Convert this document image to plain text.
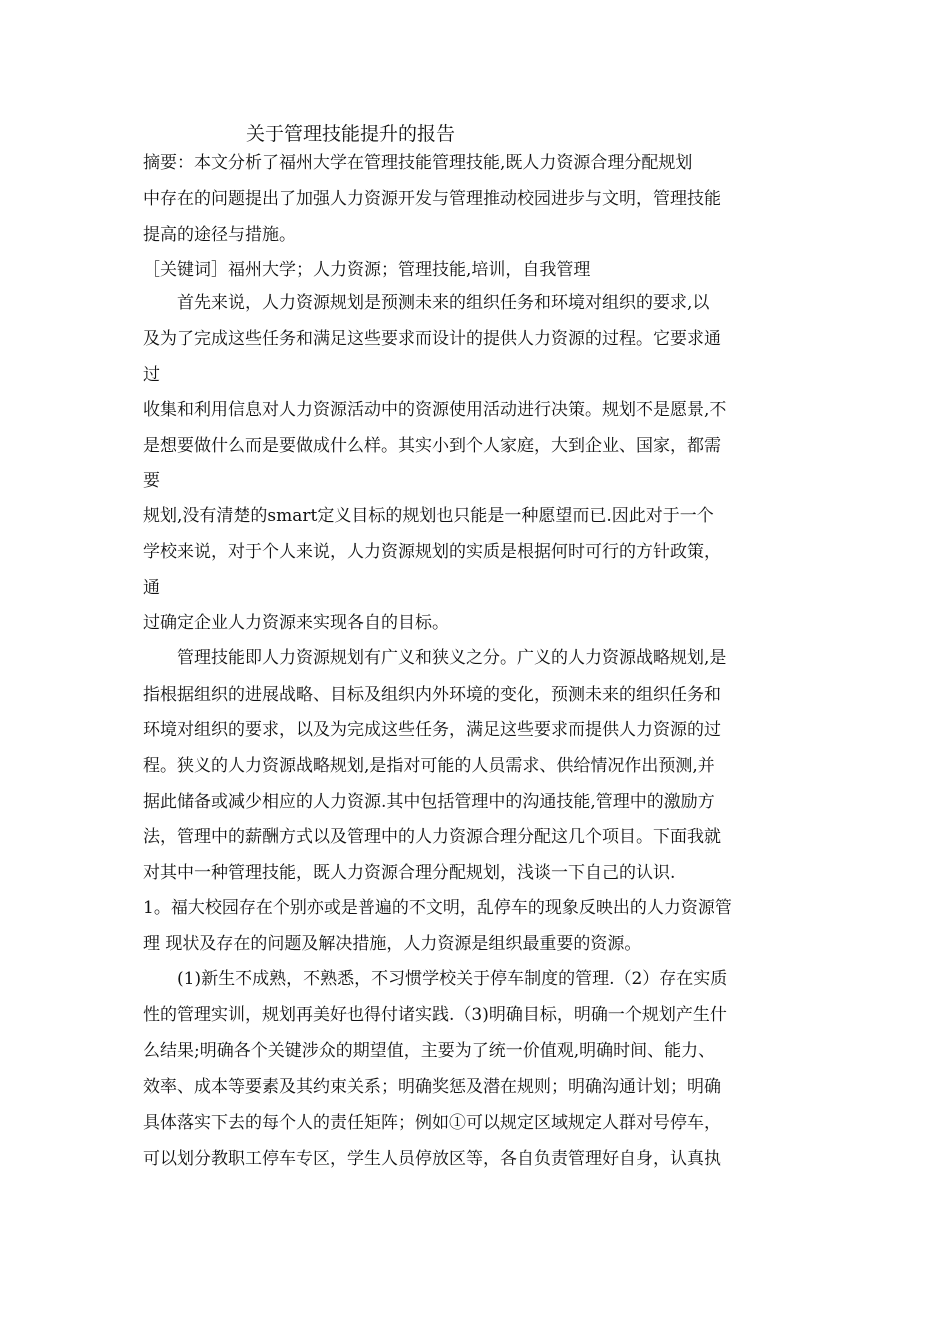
关于管理技能提升的报告
摘要：本文分析了福州大学在管理技能管理技能,既人力资源合理分配规划
中存在的问题提出了加强人力资源开发与管理推动校园进步与文明，管理技能
提高的途径与措施。
［关键词］福州大学；人力资源；管理技能,培训，自我管理
首先来说，人力资源规划是预测未来的组织任务和环境对组织的要求,以
及为了完成这些任务和满足这些要求而设计的提供人力资源的过程。它要求通
过
收集和利用信息对人力资源活动中的资源使用活动进行决策。规划不是愿景,不
是想要做什么而是要做成什么样。其实小到个人家庭，大到企业、国家，都需
要
规划,没有清楚的smart定义目标的规划也只能是一种愿望而已.因此对于一个
学校来说，对于个人来说，人力资源规划的实质是根据何时可行的方针政策，
通
过确定企业人力资源来实现各自的目标。
管理技能即人力资源规划有广义和狭义之分。广义的人力资源战略规划,是
指根据组织的进展战略、目标及组织内外环境的变化，预测未来的组织任务和
环境对组织的要求，以及为完成这些任务，满足这些要求而提供人力资源的过
程。狭义的人力资源战略规划,是指对可能的人员需求、供给情况作出预测,并
据此储备或减少相应的人力资源.其中包括管理中的沟通技能,管理中的激励方
法，管理中的薪酬方式以及管理中的人力资源合理分配这几个项目。下面我就
对其中一种管理技能，既人力资源合理分配规划，浅谈一下自己的认识.
1。福大校园存在个别亦或是普遍的不文明，乱停车的现象反映出的人力资源管
理 现状及存在的问题及解决措施，人力资源是组织最重要的资源。
(1)新生不成熟，不熟悉，不习惯学校关于停车制度的管理.（2）存在实质
性的管理实训，规划再美好也得付诸实践.（3)明确目标，明确一个规划产生什
么结果;明确各个关键涉众的期望值，主要为了统一价值观,明确时间、能力、
效率、成本等要素及其约束关系；明确奖惩及潜在规则；明确沟通计划；明确
具体落实下去的每个人的责任矩阵；例如①可以规定区域规定人群对号停车，
可以划分教职工停车专区，学生人员停放区等，各自负责管理好自身，认真执
